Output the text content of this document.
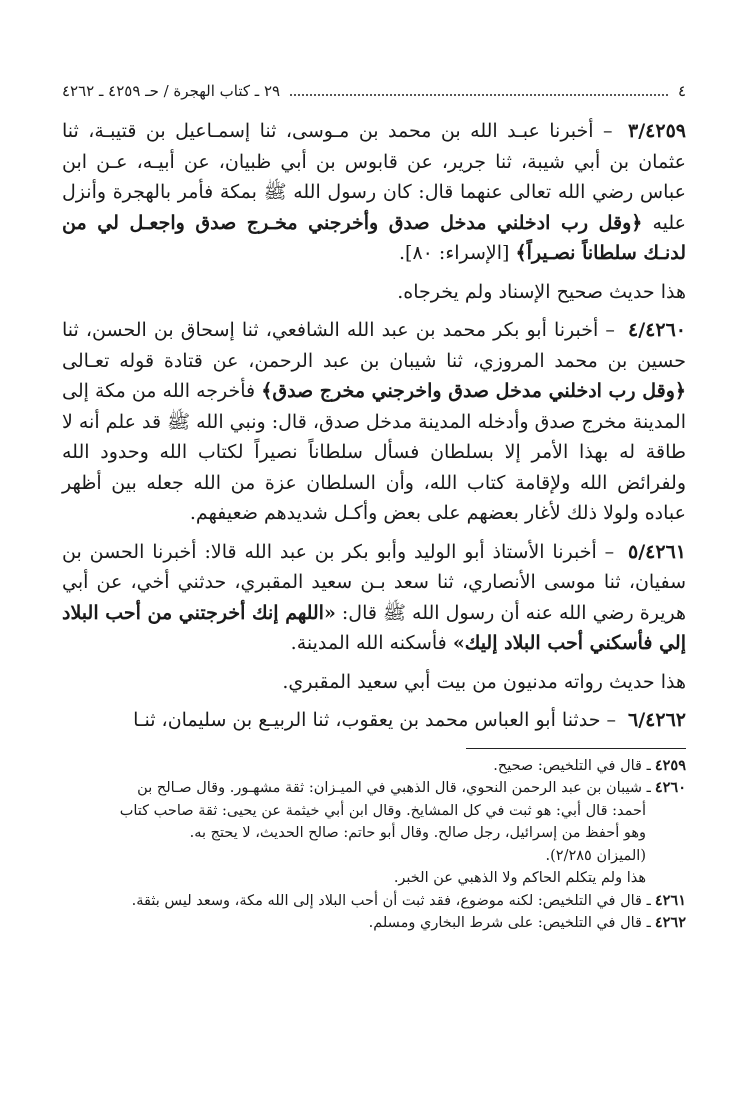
٤
٢٩ ـ كتاب الهجرة / حـ ٤٢٥٩ ـ ٤٢٦٢

٣/٤٢٥٩ – أخبرنا عبـد الله بن محمد بن مـوسى، ثنا إسمـاعيل بن قتيبـة، ثنا عثمان بن أبي شيبة، ثنا جرير، عن قابوس بن أبي ظبيان، عن أبيـه، عـن ابن عباس رضي الله تعالى عنهما قال: كان رسول الله ﷺ بمكة فأمر بالهجرة وأنزل عليه ﴿وقل رب ادخلني مدخل صدق وأخرجني مخـرج صدق واجعـل لي من لدنـك سلطاناً نصـيراً﴾ [الإسراء: ٨٠].

هذا حديث صحيح الإسناد ولم يخرجاه.

٤/٤٢٦٠ – أخبرنا أبو بكر محمد بن عبد الله الشافعي، ثنا إسحاق بن الحسن، ثنا حسين بن محمد المروزي، ثنا شيبان بن عبد الرحمن، عن قتادة قوله تعـالى ﴿وقل رب ادخلني مدخل صدق واخرجني مخرج صدق﴾ فأخرجه الله من مكة إلى المدينة مخرج صدق وأدخله المدينة مدخل صدق، قال: ونبي الله ﷺ قد علم أنه لا طاقة له بهذا الأمر إلا بسلطان فسأل سلطاناً نصيراً لكتاب الله وحدود الله ولفرائض الله ولإقامة كتاب الله، وأن السلطان عزة من الله جعله بين أظهر عباده ولولا ذلك لأغار بعضهم على بعض وأكـل شديدهم ضعيفهم.

٥/٤٢٦١ – أخبرنا الأستاذ أبو الوليد وأبو بكر بن عبد الله قالا: أخبرنا الحسن بن سفيان، ثنا موسى الأنصاري، ثنا سعد بـن سعيد المقبري، حدثني أخي، عن أبي هريرة رضي الله عنه أن رسول الله ﷺ قال: «اللهم إنك أخرجتني من أحب البلاد إلي فأسكني أحب البلاد إليك» فأسكنه الله المدينة.

هذا حديث رواته مدنيون من بيت أبي سعيد المقبري.

٦/٤٢٦٢ – حدثنا أبو العباس محمد بن يعقوب، ثنا الربيـع بن سليمان، ثنـا

٤٢٥٩ـ قال في التلخيص: صحيح.

٤٢٦٠ـ شيبان بن عبد الرحمن النحوي، قال الذهبي في الميـزان: ثقة مشهـور. وقال صـالح بن

أحمد: قال أبي: هو ثبت في كل المشايخ. وقال ابن أبي خيثمة عن يحيى: ثقة صاحب كتاب

وهو أحفظ من إسرائيل، رجل صالح. وقال أبو حاتم: صالح الحديث، لا يحتج به.

(الميزان ٢/٢٨٥).

هذا ولم يتكلم الحاكم ولا الذهبي عن الخبر.

٤٢٦١ـ قال في التلخيص: لكنه موضوع، فقد ثبت أن أحب البلاد إلى الله مكة، وسعد ليس بثقة.

٤٢٦٢ـ قال في التلخيص: على شرط البخاري ومسلم.
